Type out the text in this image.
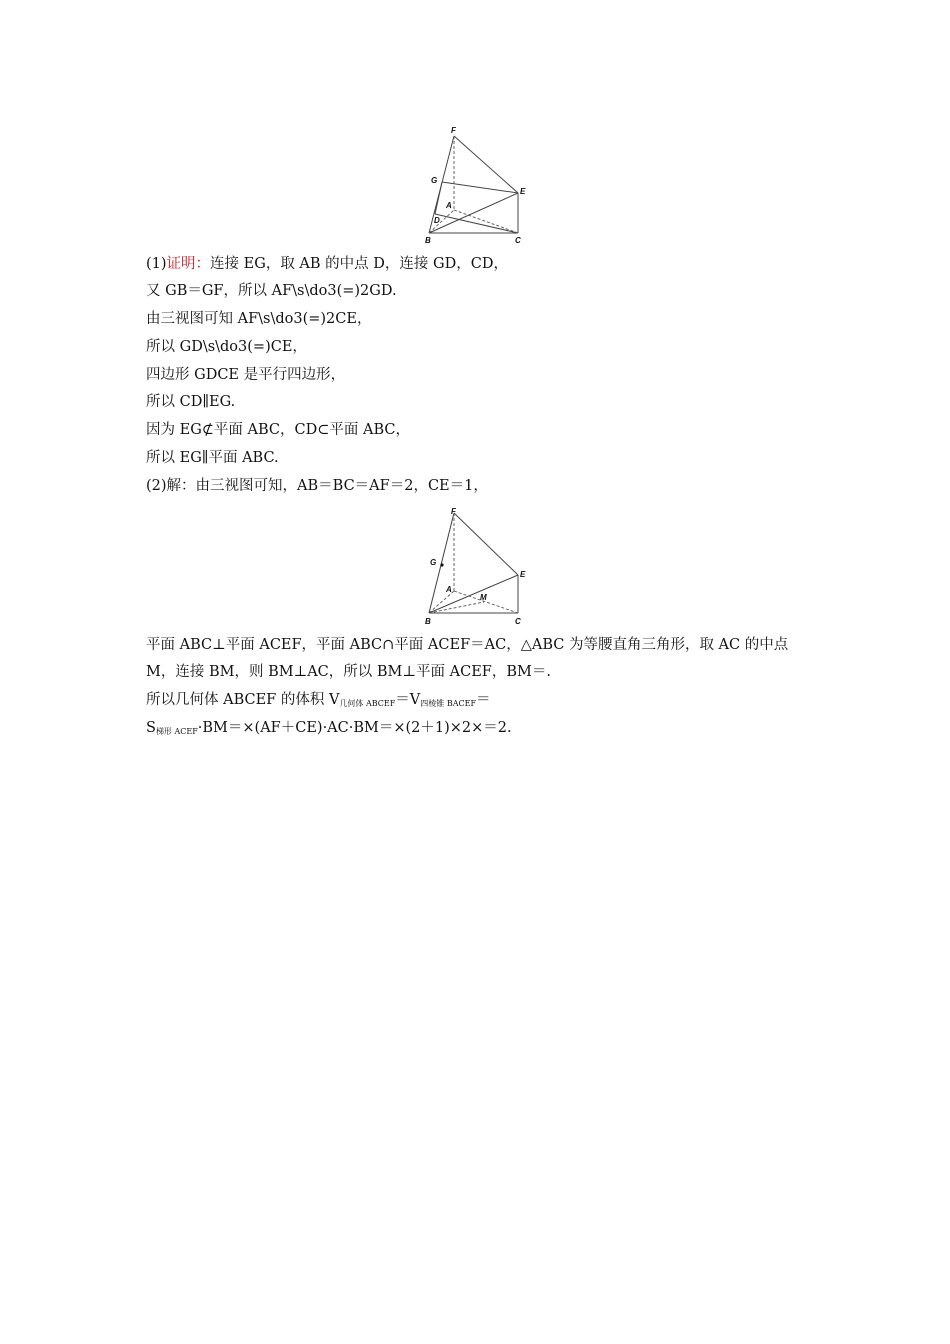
F
G
E
A
D
B	C
(1)证明：连接 EG，取 AB 的中点 D，连接 GD，CD，
又 GB＝GF，所以 AF\s\do3(=)2GD.
由三视图可知 AF\s\do3(=)2CE，
所以 GD\s\do3(=)CE，
四边形 GDCE 是平行四边形，
所以 CD∥EG.
因为 EG⊄平面 ABC，CD⊂平面 ABC，
所以 EG∥平面 ABC.
(2)解：由三视图可知，AB＝BC＝AF＝2，CE＝1，
F
G
E
A
M
B	C
平面 ABC⊥平面 ACEF，平面 ABC∩平面 ACEF＝AC，△ABC 为等腰直角三角形，取 AC 的中点
M，连接 BM，则 BM⊥AC，所以 BM⊥平面 ACEF，BM＝.
所以几何体 ABCEF 的体积 $V_{几何体 ABCEF}=V_{四棱锥 BACEF}=$
$S_{梯形 ACEF}\cdot BM=\times(AF+CE)\cdot AC\cdot BM=\times(2+1)\times 2\times=2$.
